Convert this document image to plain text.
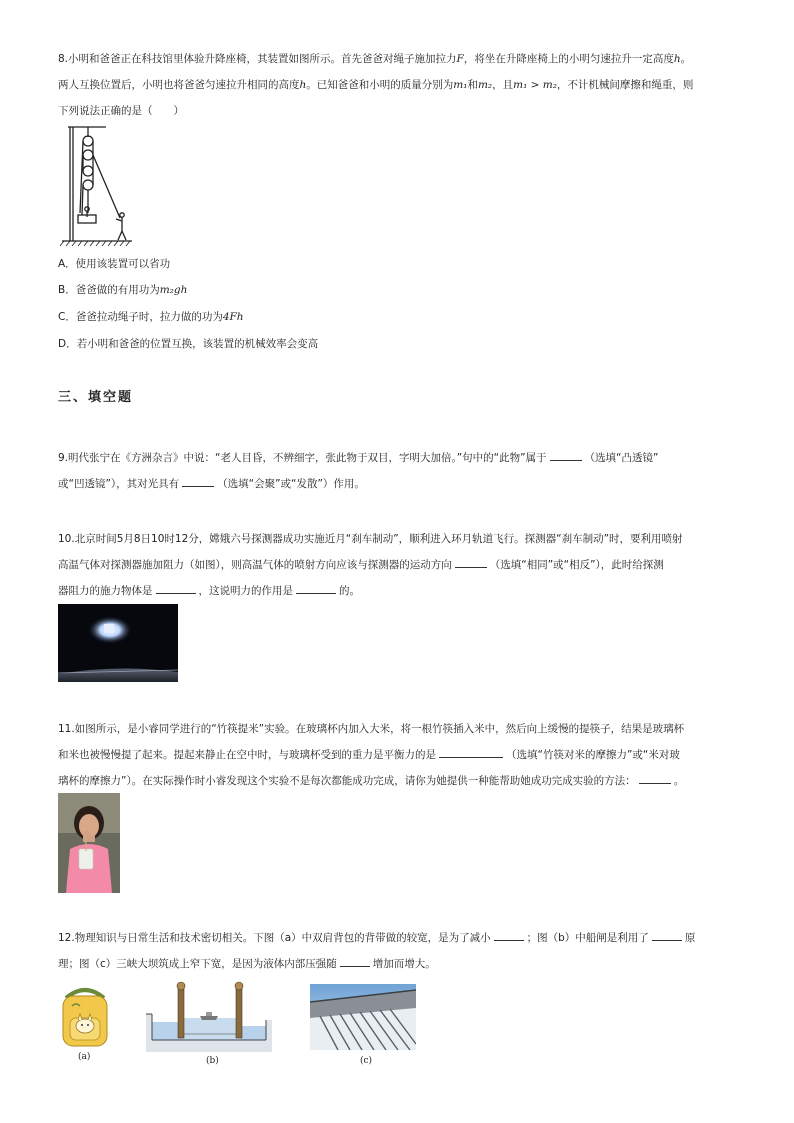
8.小明和爸爸正在科技馆里体验升降座椅，其装置如图所示。首先爸爸对绳子施加拉力F，将坐在升降座椅上的小明匀速拉升一定高度h。

两人互换位置后，小明也将爸爸匀速拉升相同的高度h。已知爸爸和小明的质量分别为m₁和m₂，且m₁ > m₂，不计机械间摩擦和绳重，则

下列说法正确的是（　　）

A．使用该装置可以省功

B．爸爸做的有用功为m₂gh

C．爸爸拉动绳子时，拉力做的功为4Fh

D．若小明和爸爸的位置互换，该装置的机械效率会变高

三、填空题

9.明代张宁在《方洲杂言》中说：“老人目昏，不辨细字，张此物于双目，字明大加倍。”句中的“此物”属于	（选填“凸透镜”

或“凹透镜”），其对光具有	（选填“会聚”或“发散”）作用。

10.北京时间5月8日10时12分，嫦娥六号探测器成功实施近月“刹车制动”，顺利进入环月轨道飞行。探测器“刹车制动”时，要利用喷射

高温气体对探测器施加阻力（如图），则高温气体的喷射方向应该与探测器的运动方向	（选填“相同”或“相反”），此时给探测

器阻力的施力物体是	，这说明力的作用是	的。

11.如图所示，是小睿同学进行的“竹筷提米”实验。在玻璃杯内加入大米，将一根竹筷插入米中，然后向上缓慢的提筷子，结果是玻璃杯

和米也被慢慢提了起来。提起来静止在空中时，与玻璃杯受到的重力是平衡力的是	（选填“竹筷对米的摩擦力”或“米对玻

璃杯的摩擦力”）。在实际操作时小睿发现这个实验不是每次都能成功完成，请你为她提供一种能帮助她成功完成实验的方法：	。

12.物理知识与日常生活和技术密切相关。下图（a）中双肩背包的背带做的较宽，是为了减小	；图（b）中船闸是利用了	原

理；图（c）三峡大坝筑成上窄下宽，是因为液体内部压强随	增加而增大。

(a)	(b)	(c)
